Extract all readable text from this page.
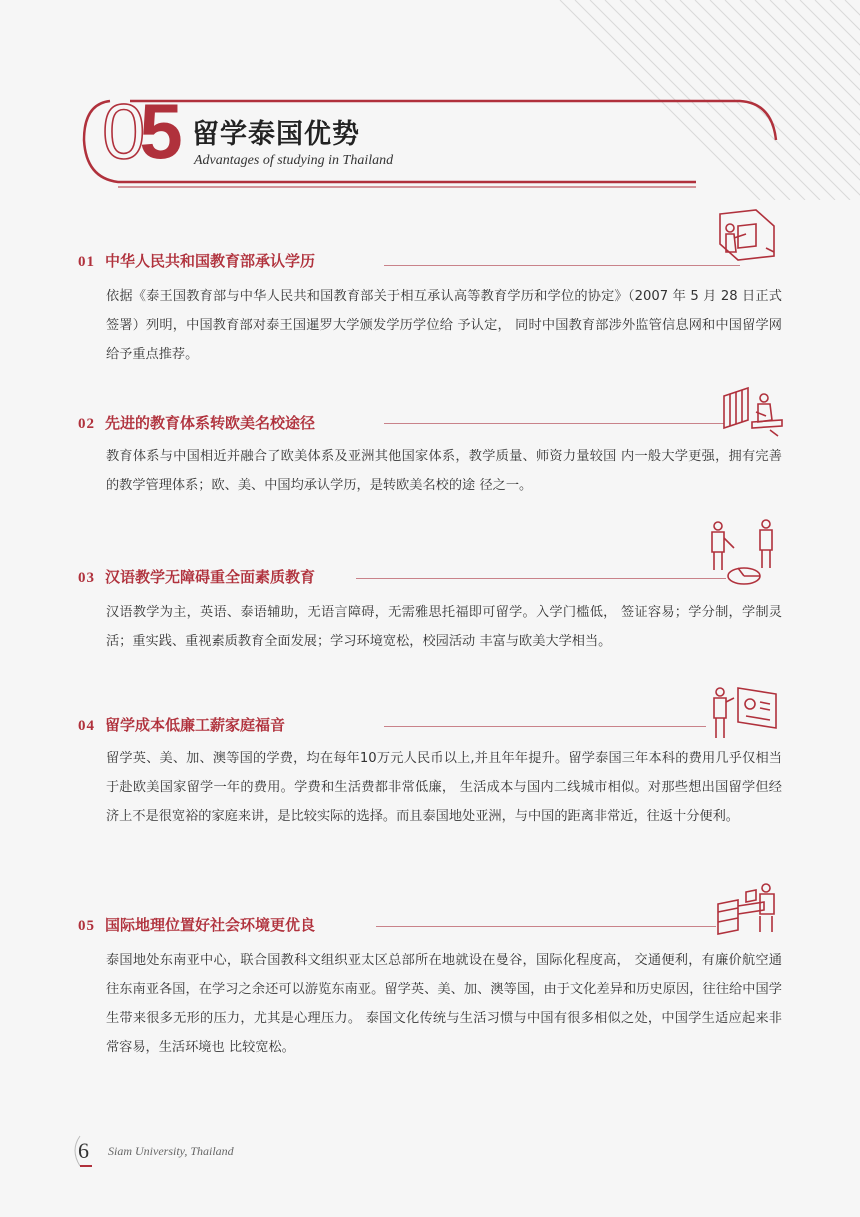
05 留学泰国优势
Advantages of studying in Thailand
01 中华人民共和国教育部承认学历
依据《泰王国教育部与中华人民共和国教育部关于相互承认高等教育学历和学位的协定》（2007 年 5 月 28 日正式签署）列明，中国教育部对泰王国暹罗大学颁发学历学位给 予认定， 同时中国教育部涉外监管信息网和中国留学网给予重点推荐。
02 先进的教育体系转欧美名校途径
教育体系与中国相近并融合了欧美体系及亚洲其他国家体系，教学质量、师资力量较国 内一般大学更强，拥有完善的教学管理体系；欧、美、中国均承认学历，是转欧美名校的途 径之一。
03 汉语教学无障碍重全面素质教育
汉语教学为主，英语、泰语辅助，无语言障碍，无需雅思托福即可留学。入学门槛低， 签证容易；学分制，学制灵活；重实践、重视素质教育全面发展；学习环境宽松，校园活动 丰富与欧美大学相当。
04 留学成本低廉工薪家庭福音
留学英、美、加、澳等国的学费，均在每年10万元人民币以上,并且年年提升。留学泰国三年本科的费用几乎仅相当于赴欧美国家留学一年的费用。学费和生活费都非常低廉， 生活成本与国内二线城市相似。对那些想出国留学但经济上不是很宽裕的家庭来讲，是比较实际的选择。而且泰国地处亚洲，与中国的距离非常近，往返十分便利。
05 国际地理位置好社会环境更优良
泰国地处东南亚中心，联合国教科文组织亚太区总部所在地就设在曼谷，国际化程度高， 交通便利，有廉价航空通往东南亚各国，在学习之余还可以游览东南亚。留学英、美、加、澳等国，由于文化差异和历史原因，往往给中国学生带来很多无形的压力，尤其是心理压力。 泰国文化传统与生活习惯与中国有很多相似之处，中国学生适应起来非常容易，生活环境也 比较宽松。
6 Siam University, Thailand
